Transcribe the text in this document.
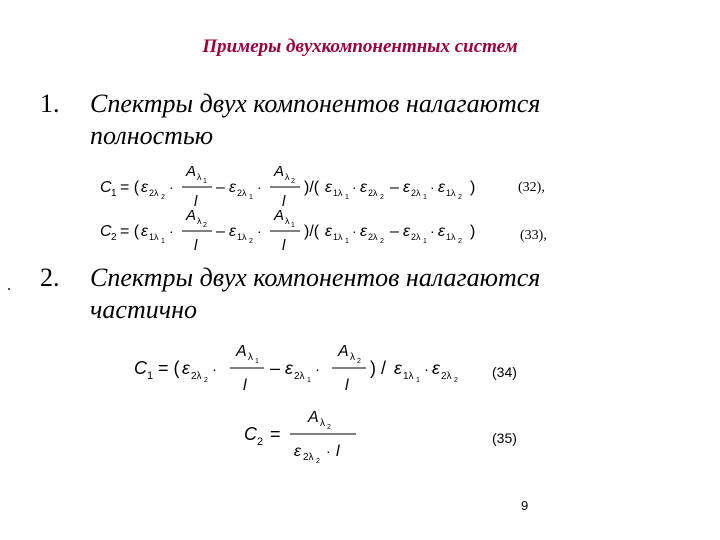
Примеры двухкомпонентных систем
1. Спектры двух компонентов налагаются полностью
C 1 = ( ε 2λ 2
·
A λ 1
l
– ε 2λ 1
·
A λ 2
l
)/( ε 1λ 1
· ε 2λ 2
– ε 2λ 1
· ε 1λ 2
)	(32),
C 2 = ( ε 1λ 1
·
A λ 2
l
– ε 1λ 2
·
A λ 1
l
)/( ε 1λ 1
· ε 2λ 2
– ε 2λ 1
· ε 1λ 2
)	(33),
2. Спектры двух компонентов налагаются частично
C 1 = ( ε 2λ 2
·
A λ 1
l
– ε 2λ 1
·
A λ 2
l
) / ε 1λ 1
· ε 2λ 2
(34)
C 2 =
A λ 2
ε 2λ 2
· l
(35)
9
